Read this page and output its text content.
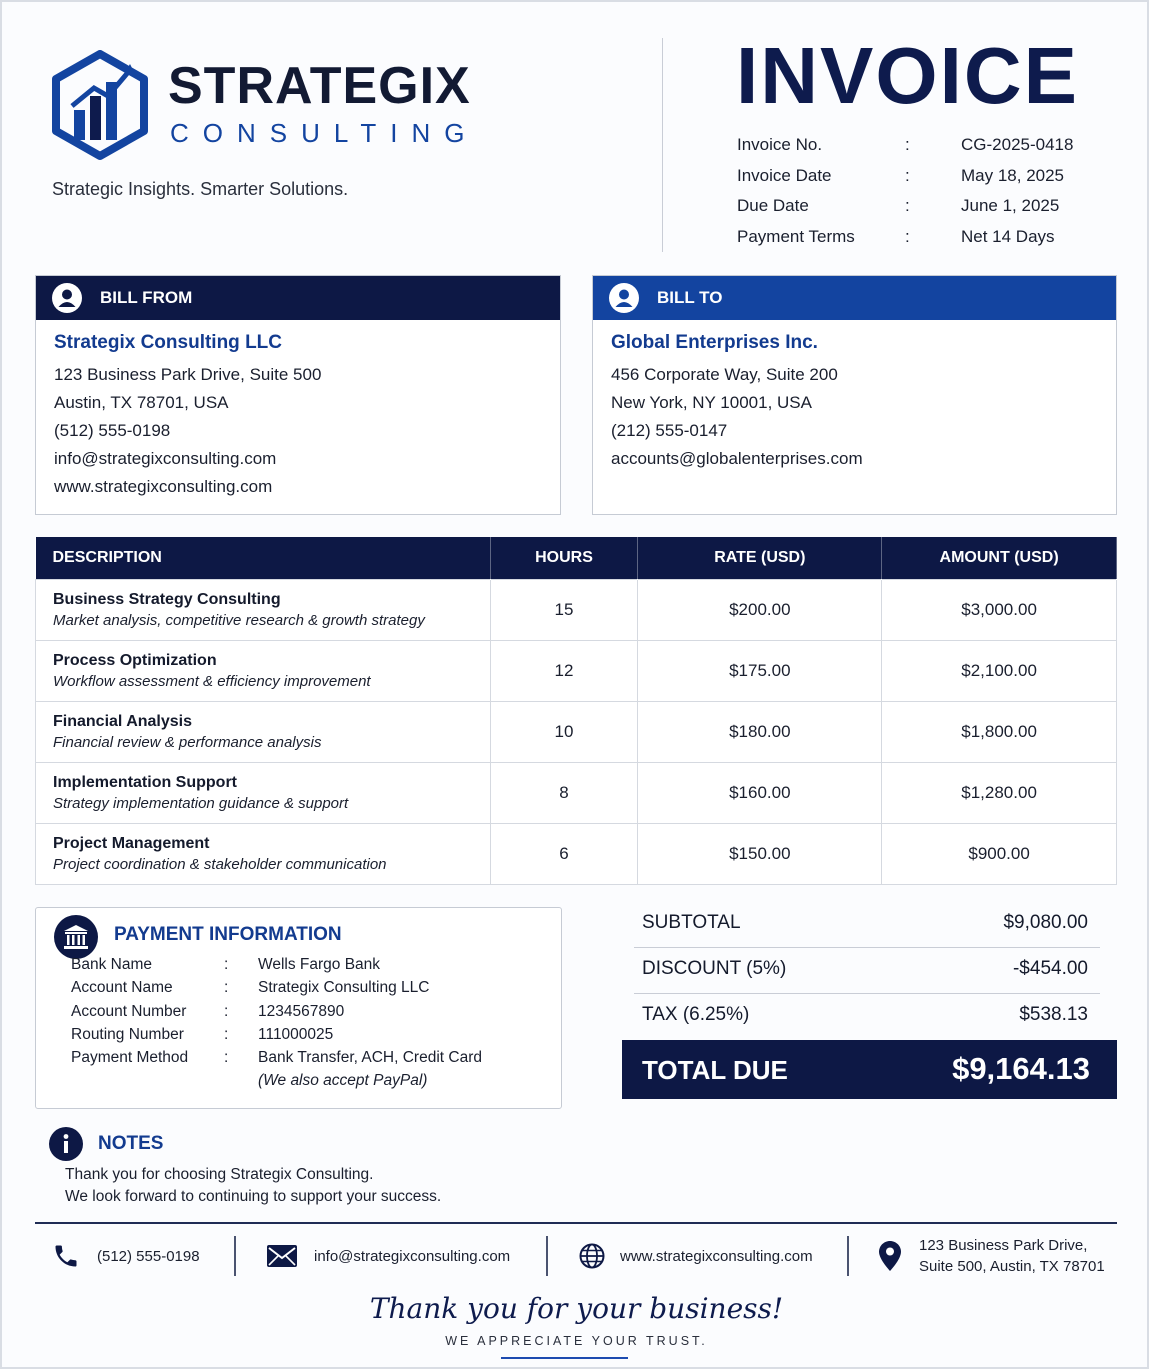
STRATEGIX
CONSULTING
Strategic Insights. Smarter Solutions.
INVOICE
Invoice No.	:	CG-2025-0418
Invoice Date	:	May 18, 2025
Due Date	:	June 1, 2025
Payment Terms	:	Net 14 Days
BILL FROM
Strategix Consulting LLC
123 Business Park Drive, Suite 500
Austin, TX 78701, USA
(512) 555-0198
info@strategixconsulting.com
www.strategixconsulting.com
BILL TO
Global Enterprises Inc.
456 Corporate Way, Suite 200
New York, NY 10001, USA
(212) 555-0147
accounts@globalenterprises.com
DESCRIPTION	HOURS	RATE (USD)	AMOUNT (USD)

Business Strategy Consulting
Market analysis, competitive research & growth strategy	15	$200.00	$3,000.00

Process Optimization
Workflow assessment & efficiency improvement	12	$175.00	$2,100.00

Financial Analysis
Financial review & performance analysis	10	$180.00	$1,800.00

Implementation Support
Strategy implementation guidance & support	8	$160.00	$1,280.00

Project Management
Project coordination & stakeholder communication	6	$150.00	$900.00
PAYMENT INFORMATION
Bank Name	: Wells Fargo Bank
Account Name	: Strategix Consulting LLC
Account Number : 1234567890
Routing Number	: 111000025
Payment Method : Bank Transfer, ACH, Credit Card
(We also accept PayPal)
SUBTOTAL	$9,080.00
DISCOUNT (5%)	-$454.00
TAX (6.25%)	$538.13
TOTAL DUE	$9,164.13
NOTES
Thank you for choosing Strategix Consulting.
We look forward to continuing to support your success.
(512) 555-0198	info@strategixconsulting.com	www.strategixconsulting.com
123 Business Park Drive,
Suite 500, Austin, TX 78701
Thank you for your business!
WE APPRECIATE YOUR TRUST.
